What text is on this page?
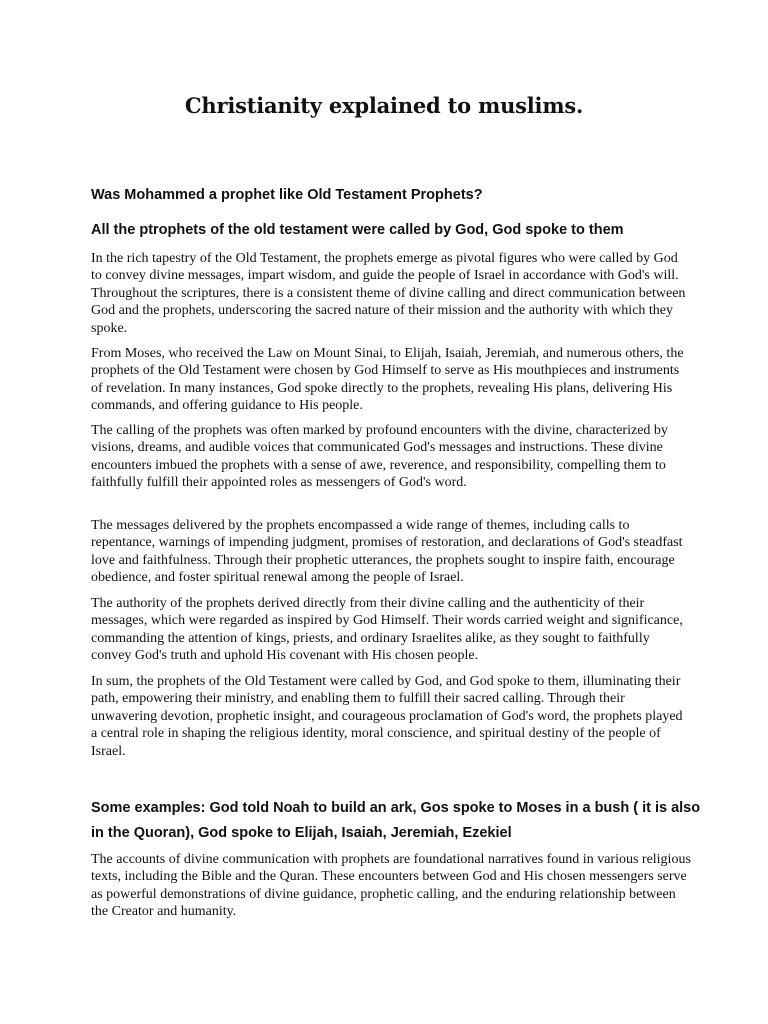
Christianity explained to muslims.
Was Mohammed a prophet like Old Testament Prophets?
All the ptrophets of the old testament were called by God, God spoke to them

In the rich tapestry of the Old Testament, the prophets emerge as pivotal figures who were called by God to convey divine messages, impart wisdom, and guide the people of Israel in accordance with God's will. Throughout the scriptures, there is a consistent theme of divine calling and direct communication between God and the prophets, underscoring the sacred nature of their mission and the authority with which they spoke.

From Moses, who received the Law on Mount Sinai, to Elijah, Isaiah, Jeremiah, and numerous others, the prophets of the Old Testament were chosen by God Himself to serve as His mouthpieces and instruments of revelation. In many instances, God spoke directly to the prophets, revealing His plans, delivering His commands, and offering guidance to His people.

The calling of the prophets was often marked by profound encounters with the divine, characterized by visions, dreams, and audible voices that communicated God's messages and instructions. These divine encounters imbued the prophets with a sense of awe, reverence, and responsibility, compelling them to faithfully fulfill their appointed roles as messengers of God's word.

The messages delivered by the prophets encompassed a wide range of themes, including calls to repentance, warnings of impending judgment, promises of restoration, and declarations of God's steadfast love and faithfulness. Through their prophetic utterances, the prophets sought to inspire faith, encourage obedience, and foster spiritual renewal among the people of Israel.

The authority of the prophets derived directly from their divine calling and the authenticity of their messages, which were regarded as inspired by God Himself. Their words carried weight and significance, commanding the attention of kings, priests, and ordinary Israelites alike, as they sought to faithfully convey God's truth and uphold His covenant with His chosen people.

In sum, the prophets of the Old Testament were called by God, and God spoke to them, illuminating their path, empowering their ministry, and enabling them to fulfill their sacred calling. Through their unwavering devotion, prophetic insight, and courageous proclamation of God's word, the prophets played a central role in shaping the religious identity, moral conscience, and spiritual destiny of the people of Israel.

Some examples: God told Noah to build an ark, Gos spoke to Moses in a bush ( it is also in the Quoran), God spoke to Elijah, Isaiah, Jeremiah, Ezekiel

The accounts of divine communication with prophets are foundational narratives found in various religious texts, including the Bible and the Quran. These encounters between God and His chosen messengers serve as powerful demonstrations of divine guidance, prophetic calling, and the enduring relationship between the Creator and humanity.
